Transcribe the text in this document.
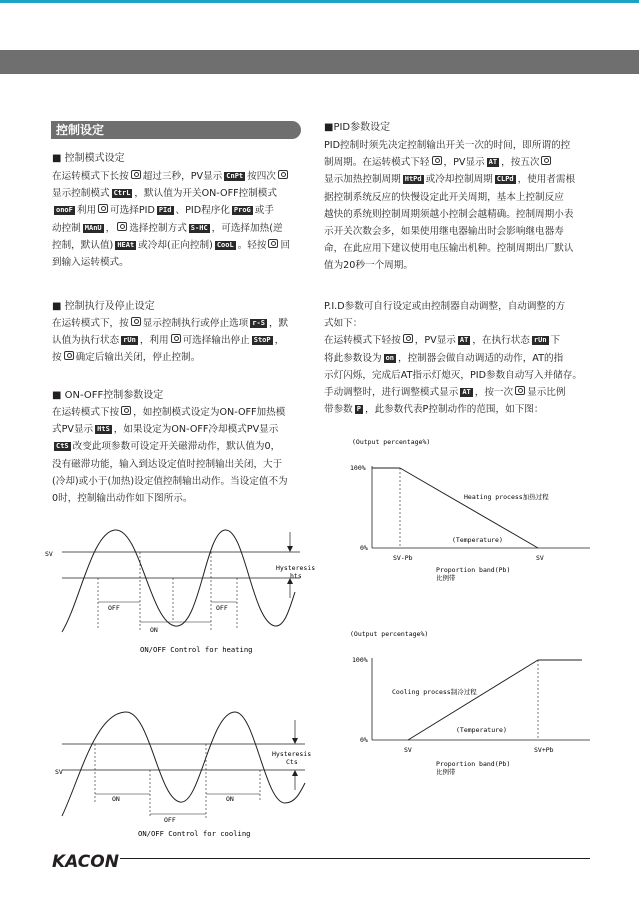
控制设定
■ 控制模式设定
在运转模式下长按 超过三秒，PV显示 CnPt 按四次
显示控制模式 CtrL ，默认值为开关ON-OFF控制模式
onoF 利用 可选择PID PId 、PID程序化 ProG 或手
动控制 MAnU ， 选择控制方式 S-HC ，可选择加热(逆
控制，默认值) HEAt 或冷却(正向控制) CooL 。轻按 回
到输入运转模式。
■ 控制执行及停止设定
在运转模式下，按 显示控制执行或停止选项 r-S ，默
认值为执行状态 rUn ，利用 可选择输出停止 StoP ，
按 确定后输出关闭，停止控制。
■ ON-OFF控制参数设定
在运转模式下按 ，如控制模式设定为ON-OFF加热模
式PV显示 HtS ，如果设定为ON-OFF冷却模式PV显示
CtS 改变此项参数可设定开关磁滞动作，默认值为0，
没有磁滞功能，输入到达设定值时控制输出关闭，大于
(冷却)或小于(加热)设定值控制输出动作。当设定值不为
0时，控制输出动作如下图所示。
SV
Hysteresis
hts
OFF	OFF
ON
ON/OFF Control for heating
SV
Hysteresis
Cts
ON	ON
OFF
ON/OFF Control for cooling
■PID参数设定
PID控制时须先决定控制输出开关一次的时间，即所谓的控
制周期。在运转模式下轻 ，PV显示 AT ，按五次
显示加热控制周期 HtPd 或冷却控制周期 CLPd ，使用者需根
据控制系统反应的快慢设定此开关周期，基本上控制反应
越快的系统则控制周期须越小控制会越精确。控制周期小表
示开关次数会多，如果使用继电器输出时会影响继电器寿
命，在此应用下建议使用电压输出机种。控制周期出厂默认
值为20秒一个周期。
P.I.D参数可自行设定或由控制器自动调整，自动调整的方
式如下：
在运转模式下轻按 ，PV显示 AT ，在执行状态 rUn 下
将此参数设为 on ，控制器会做自动调适的动作，AT的指
示灯闪烁，完成后AT指示灯熄灭，PID参数自动写入并储存。
手动调整时，进行调整模式显示 AT ，按一次 显示比例
带参数 P ，此参数代表P控制动作的范围，如下图：
(Output percentage%)
100%
0%
Heating process加热过程
(Temperature)
SV-Pb	SV
Proportion band(Pb)
比例带
(Output percentage%)
100%
0%
Cooling process制冷过程
(Temperature)
SV	SV+Pb
Proportion band(Pb)
比例带
KACON
